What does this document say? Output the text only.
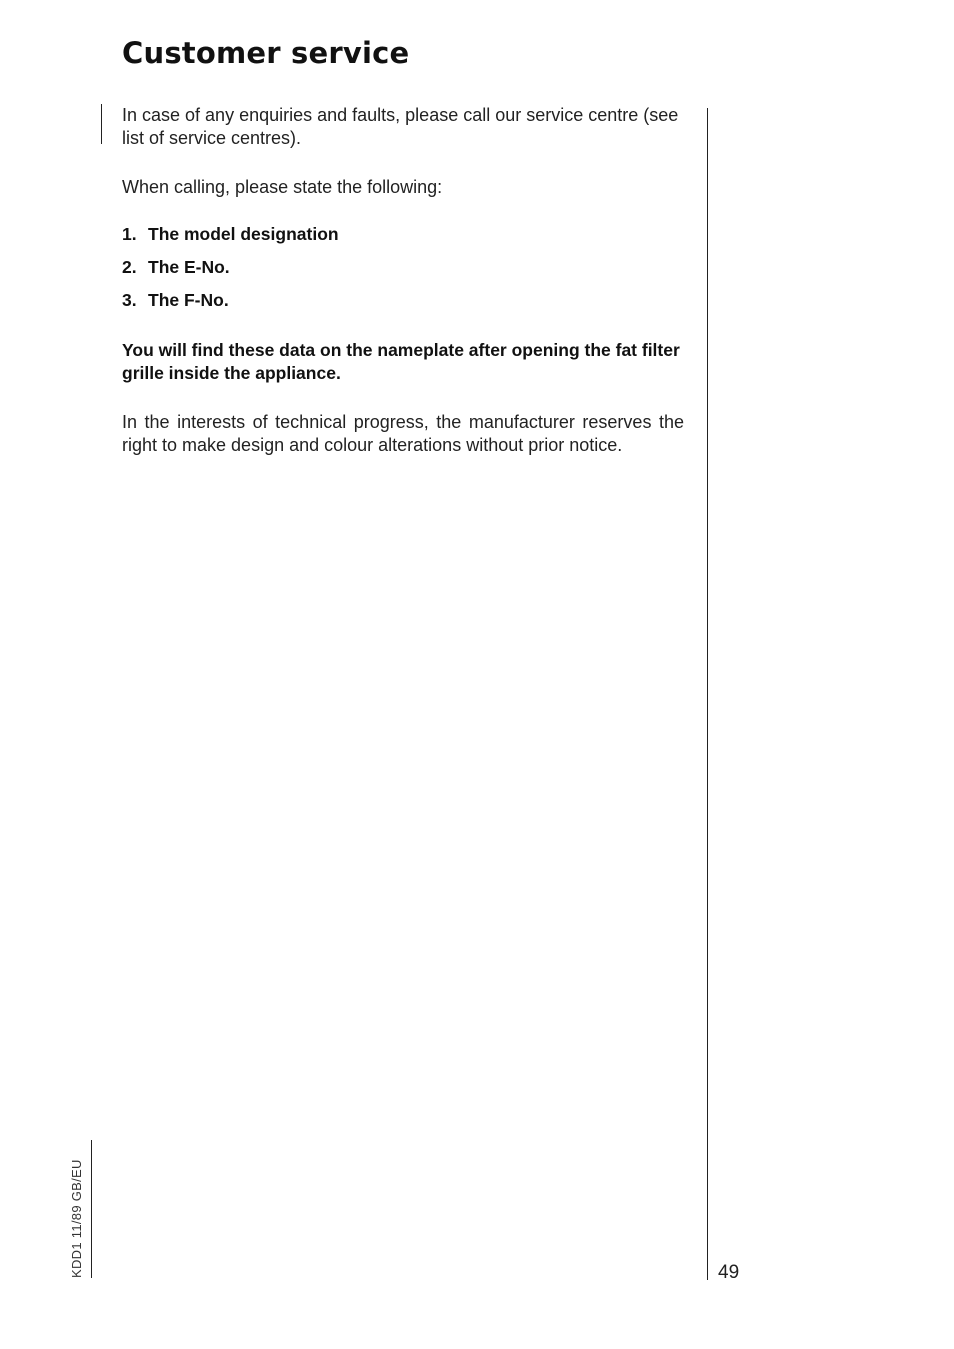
Customer service

In case of any enquiries and faults, please call our service centre (see list of service centres).

When calling, please state the following:

1. The model designation
2. The E-No.
3. The F-No.

You will find these data on the nameplate after opening the fat filter grille inside the appliance.

In the interests of technical progress, the manufacturer reserves the right to make design and colour alterations without prior notice.

KDD1 11/89 GB/EU	49
